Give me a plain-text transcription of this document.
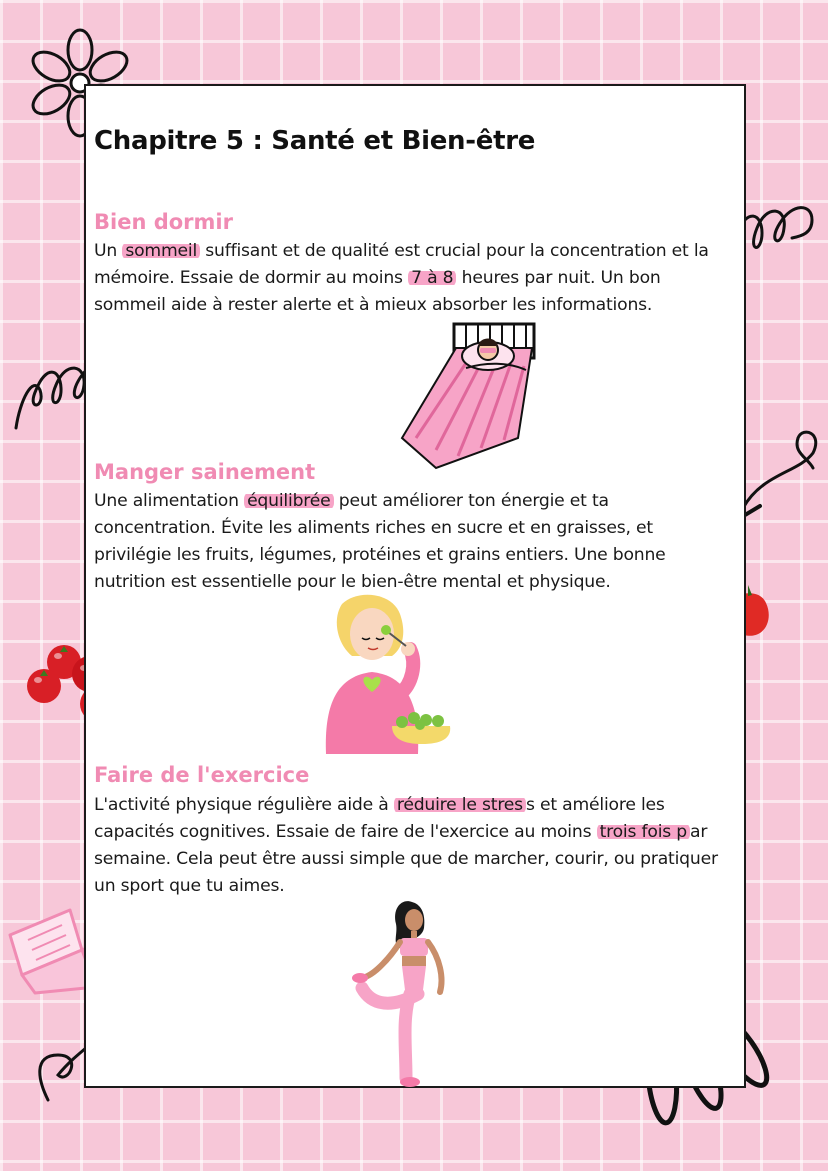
Chapitre 5 : Santé et Bien-être
Bien dormir

Un sommeil suffisant et de qualité est crucial pour la concentration et la mémoire. Essaie de dormir au moins 7 à 8 heures par nuit. Un bon sommeil aide à rester alerte et à mieux absorber les informations.

Manger sainement

Une alimentation équilibrée peut améliorer ton énergie et ta concentration. Évite les aliments riches en sucre et en graisses, et privilégie les fruits, légumes, protéines et grains entiers. Une bonne nutrition est essentielle pour le bien-être mental et physique.

Faire de l'exercice

L'activité physique régulière aide à réduire le stres s et améliore les capacités cognitives. Essaie de faire de l'exercice au moins trois fois p ar semaine. Cela peut être aussi simple que de marcher, courir, ou pratiquer un sport que tu aimes.
